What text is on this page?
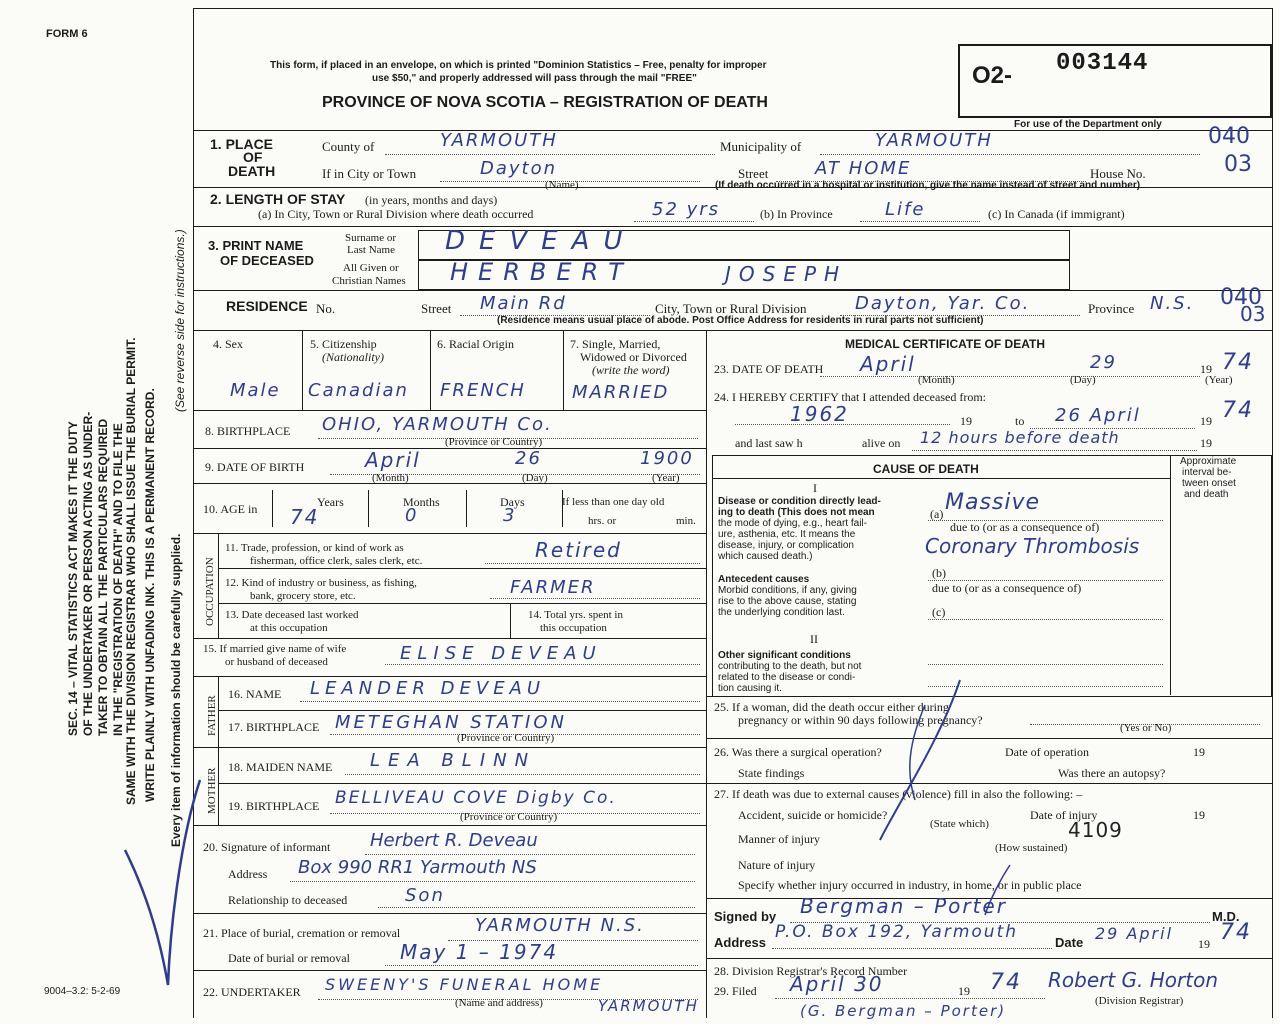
FORM 6
This form, if placed in an envelope, on which is printed "Dominion Statistics – Free, penalty for improper
use $50," and properly addressed will pass through the mail "FREE"
PROVINCE OF NOVA SCOTIA – REGISTRATION OF DEATH
O2- 003144
For use of the Department only 040
03
SEC. 14 – VITAL STATISTICS ACT MAKES IT THE DUTY OF THE UNDERTAKER OR PERSON ACTING AS UNDER- TAKER TO OBTAIN ALL THE PARTICULARS REQUIRED IN THE "REGISTRATION OF DEATH" AND TO FILE THE SAME WITH THE DIVISION REGISTRAR WHO SHALL ISSUE THE BURIAL PERMIT. WRITE PLAINLY WITH UNFADING INK. THIS IS A PERMANENT RECORD.
(See reverse side for instructions.)
Every item of information should be carefully supplied.
9004–3.2: 5-2-69
1. PLACE
OF
DEATH
County of	YARMOUTH	Municipality of	YARMOUTH
If in City or Town	Dayton
(Name)
Street	AT HOME	House No.
(If death occurred in a hospital or institution, give the name instead of street and number)
2. LENGTH OF STAY (in years, months and days)
(a) In City, Town or Rural Division where death occurred	52 yrs	(b) In Province	Life	(c) In Canada (if immigrant)
3. PRINT NAME
OF DECEASED
Surname or
Last Name
All Given or
Christian Names
DEVEAU
HERBERT	JOSEPH
RESIDENCE No.	Street Main Rd	City, Town or Rural Division	Dayton, Yar. Co.	Province N.S.
(Residence means usual place of abode. Post Office Address for residents in rural parts not sufficient)
040
03
4. Sex
Male
5. Citizenship
(Nationality)
Canadian
6. Racial Origin
FRENCH
7. Single, Married,
Widowed or Divorced
(write the word)
MARRIED
8. BIRTHPLACE OHIO, YARMOUTH Co.
(Province or Country)
9. DATE OF BIRTH	April	26	1900
(Month)	(Day)	(Year)
10. AGE in	Years	Months	Days
74	0	3
If less than one day old
hrs. or	min.
OCCUPATION
11. Trade, profession, or kind of work as
fisherman, office clerk, sales clerk, etc.	Retired
12. Kind of industry or business, as fishing,
bank, grocery store, etc.	FARMER
13. Date deceased last worked
at this occupation
14. Total yrs. spent in
this occupation
15. If married give name of wife
or husband of deceased	ELISE DEVEAU
FATHER
MOTHER
16. NAME LEANDER DEVEAU
17. BIRTHPLACE METEGHAN STATION
(Province or Country)
18. MAIDEN NAME LEA BLINN
19. BIRTHPLACE BELLIVEAU COVE Digby Co.
(Province or Country)
20. Signature of informant Herbert R. Deveau
Address Box 990 RR1 Yarmouth NS
Relationship to deceased	Son
21. Place of burial, cremation or removal	YARMOUTH N.S.
Date of burial or removal	May 1 – 1974
22. UNDERTAKER SWEENY'S FUNERAL HOME
YARMOUTH
(Name and address)
MEDICAL CERTIFICATE OF DEATH
23. DATE OF DEATH April	29	19 74
(Month)	(Day)	(Year)
24. I HEREBY CERTIFY that I attended deceased from:
1962	19	to 26 April	19 74
and last saw h	alive on 12 hours before death	19
CAUSE OF DEATH
Approximate
interval be-
tween onset
and death
I
Disease or condition directly lead-
ing to death (This does not mean
the mode of dying, e.g., heart fail-
ure, asthenia, etc. It means the
disease, injury, or complication
which caused death.)
(a) Massive
due to (or as a consequence of)
Coronary Thrombosis
(b)
due to (or as a consequence of)
(c)
Antecedent causes
Morbid conditions, if any, giving
rise to the above cause, stating
the underlying condition last.
II
Other significant conditions
contributing to the death, but not
related to the disease or condi-
tion causing it.
25. If a woman, did the death occur either during
pregnancy or within 90 days following pregnancy?
(Yes or No)
26. Was there a surgical operation?	Date of operation	19
State findings	Was there an autopsy?
27. If death was due to external causes (violence) fill in also the following: –
Accident, suicide or homicide?	Date of injury	19
(State which)
Manner of injury	4109
(How sustained)
Nature of injury
Specify whether injury occurred in industry, in home, or in public place
Signed by Bergman – Porter	M.D.
Address
P.O. Box 192, Yarmouth
Date 29 April
19 74
28. Division Registrar's Record Number
29. Filed April 30	19 74 Robert G. Horton
(Division Registrar)
(G. Bergman – Porter)
